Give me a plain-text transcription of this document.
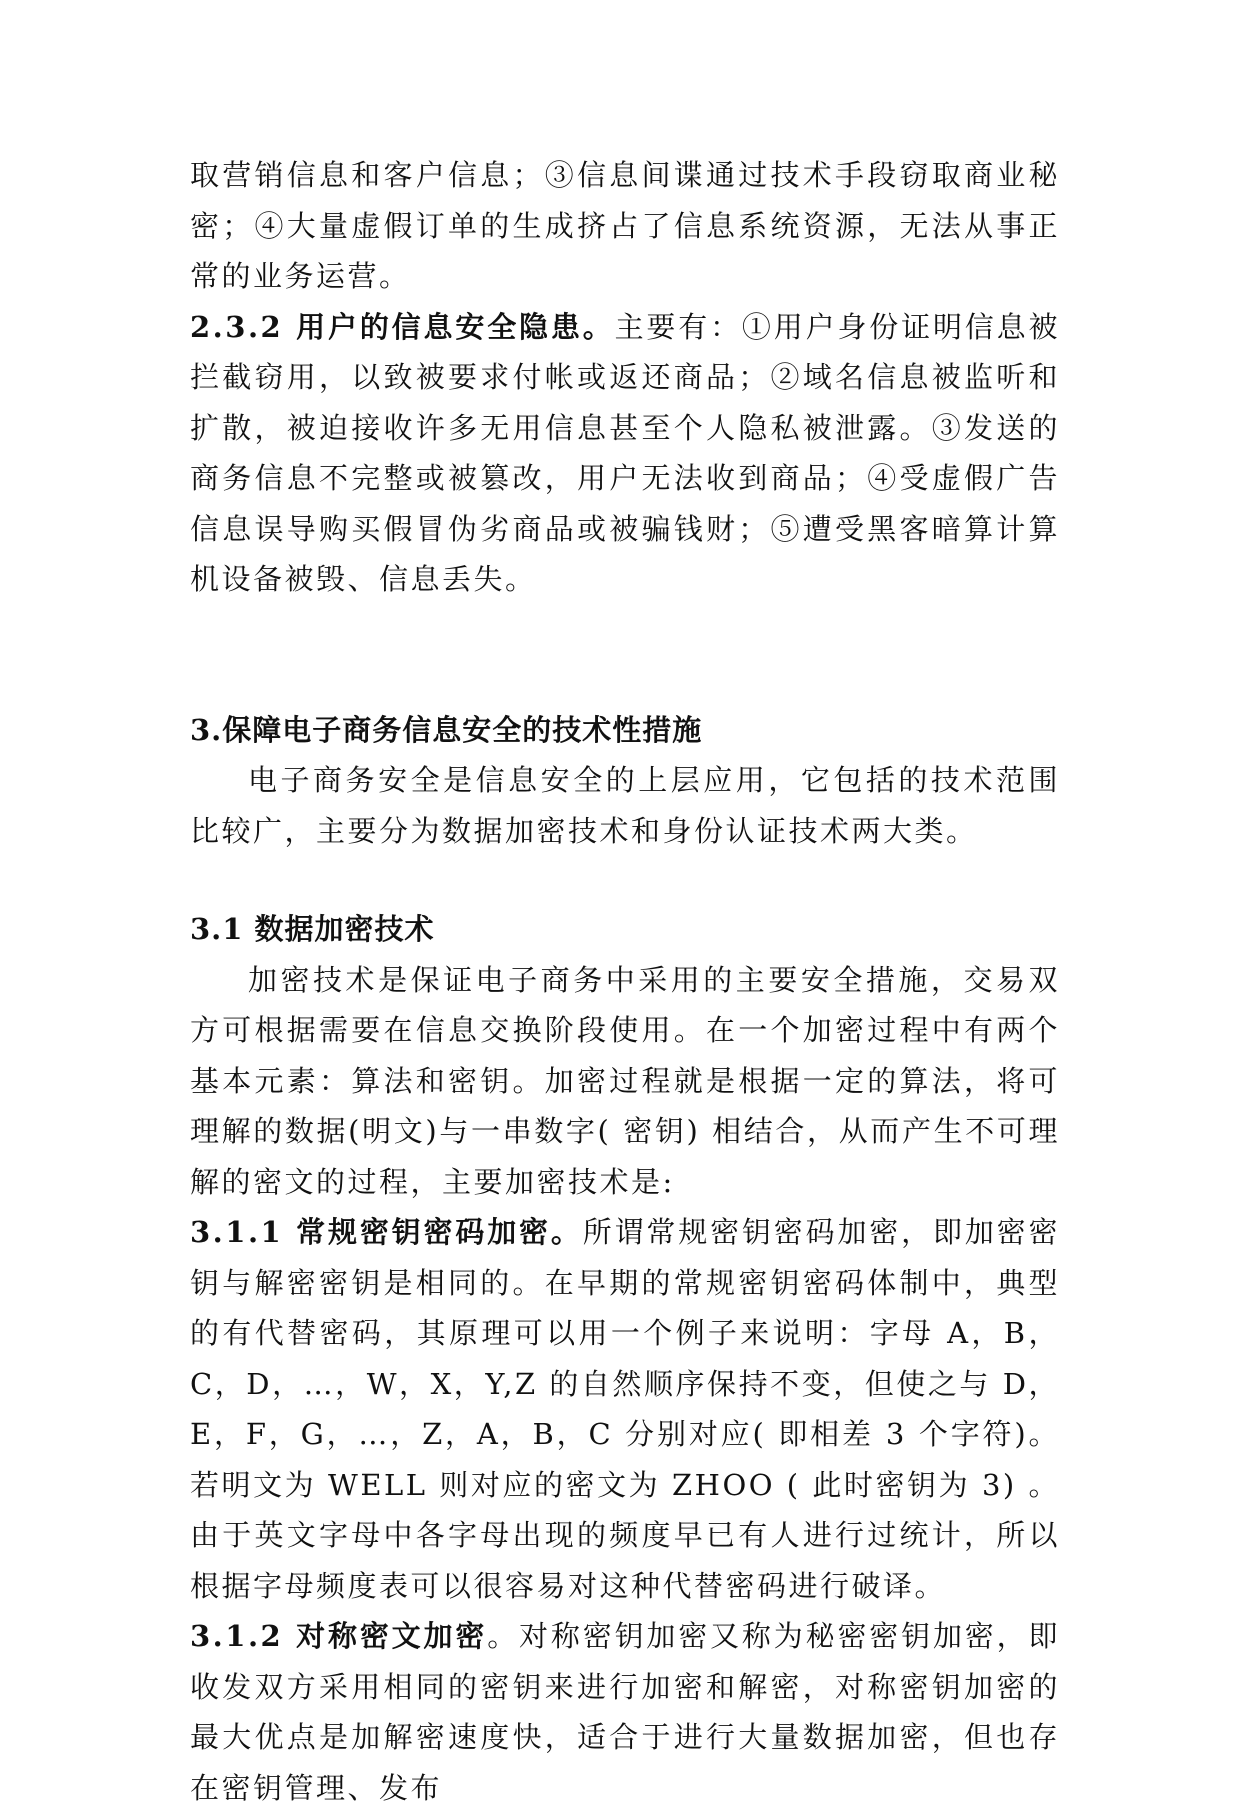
取营销信息和客户信息；③信息间谍通过技术手段窃取商业秘密；④大量虚假订单的生成挤占了信息系统资源，无法从事正常的业务运营。

2.3.2 用户的信息安全隐患。主要有：①用户身份证明信息被拦截窃用，以致被要求付帐或返还商品；②域名信息被监听和扩散，被迫接收许多无用信息甚至个人隐私被泄露。③发送的商务信息不完整或被篡改，用户无法收到商品；④受虚假广告信息误导购买假冒伪劣商品或被骗钱财；⑤遭受黑客暗算计算机设备被毁、信息丢失。

3.保障电子商务信息安全的技术性措施

电子商务安全是信息安全的上层应用，它包括的技术范围比较广，主要分为数据加密技术和身份认证技术两大类。

3.1 数据加密技术

加密技术是保证电子商务中采用的主要安全措施，交易双方可根据需要在信息交换阶段使用。在一个加密过程中有两个基本元素：算法和密钥。加密过程就是根据一定的算法，将可理解的数据(明文)与一串数字( 密钥) 相结合，从而产生不可理解的密文的过程，主要加密技术是:

3.1.1 常规密钥密码加密。所谓常规密钥密码加密，即加密密钥与解密密钥是相同的。在早期的常规密钥密码体制中，典型的有代替密码，其原理可以用一个例子来说明：字母 A，B，C，D，…，W，X，Y,Z 的自然顺序保持不变，但使之与 D，E，F，G，…，Z，A，B，C 分别对应( 即相差 3 个字符)。若明文为 WELL 则对应的密文为 ZHOO ( 此时密钥为 3) 。由于英文字母中各字母出现的频度早已有人进行过统计，所以根据字母频度表可以很容易对这种代替密码进行破译。

3.1.2 对称密文加密。对称密钥加密又称为秘密密钥加密，即收发双方采用相同的密钥来进行加密和解密，对称密钥加密的最大优点是加解密速度快，适合于进行大量数据加密，但也存在密钥管理、发布
